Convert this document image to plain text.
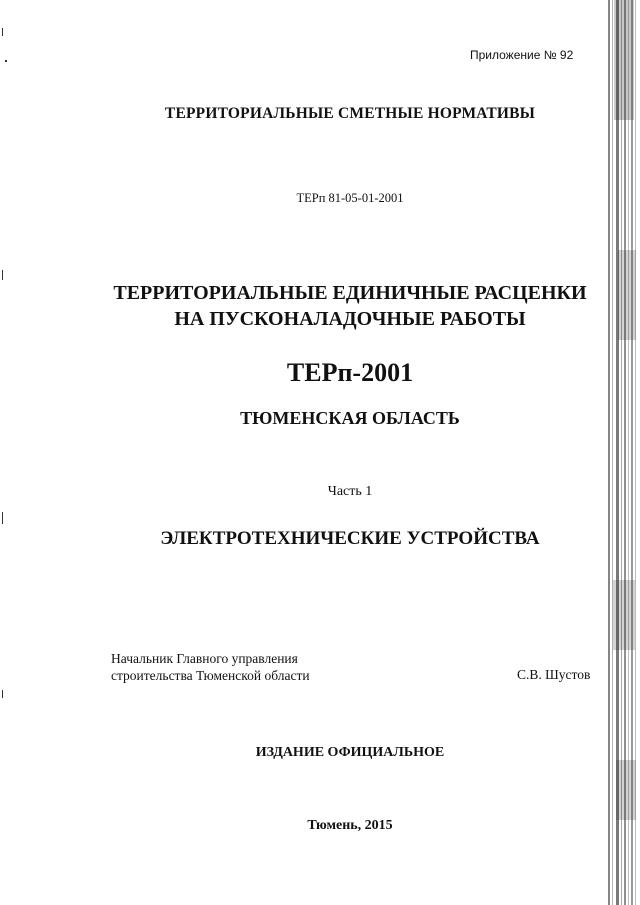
Приложение № 92
ТЕРРИТОРИАЛЬНЫЕ СМЕТНЫЕ НОРМАТИВЫ
ТЕРп 81-05-01-2001
ТЕРРИТОРИАЛЬНЫЕ ЕДИНИЧНЫЕ РАСЦЕНКИ
НА ПУСКОНАЛАДОЧНЫЕ РАБОТЫ
ТЕРп-2001
ТЮМЕНСКАЯ ОБЛАСТЬ
Часть 1
ЭЛЕКТРОТЕХНИЧЕСКИЕ УСТРОЙСТВА
Начальник Главного управления
строительства Тюменской области	С.В. Шустов
ИЗДАНИЕ ОФИЦИАЛЬНОЕ
Тюмень, 2015
